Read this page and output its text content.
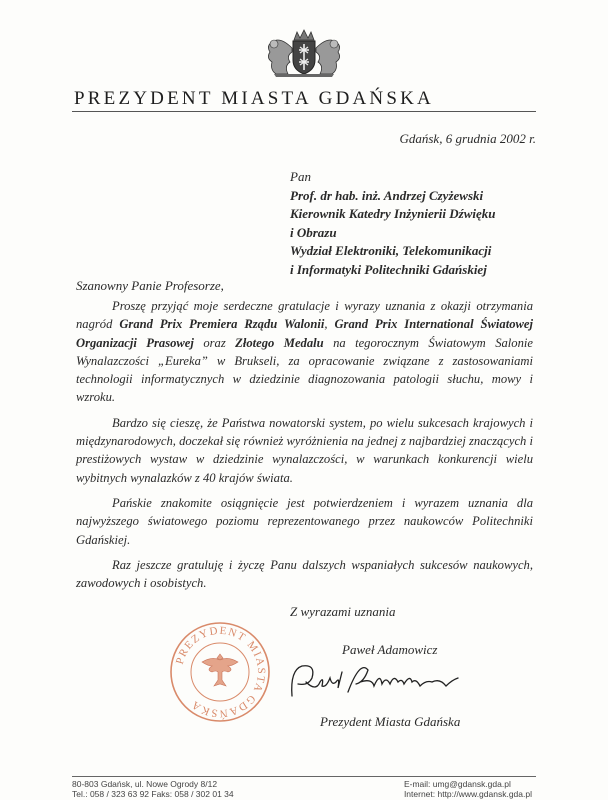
PREZYDENT MIASTA GDAŃSKA
Gdańsk, 6 grudnia 2002 r.
Pan
Prof. dr hab. inż. Andrzej Czyżewski
Kierownik Katedry Inżynierii Dźwięku
i Obrazu
Wydział Elektroniki, Telekomunikacji
i Informatyki Politechniki Gdańskiej
Szanowny Panie Profesorze,

Proszę przyjąć moje serdeczne gratulacje i wyrazy uznania z okazji otrzymania nagród Grand Prix Premiera Rządu Walonii, Grand Prix International Światowej Organizacji Prasowej oraz Złotego Medalu na tegorocznym Światowym Salonie Wynalazczości „Eureka” w Brukseli, za opracowanie związane z zastosowaniami technologii informatycznych w dziedzinie diagnozowania patologii słuchu, mowy i wzroku.

Bardzo się cieszę, że Państwa nowatorski system, po wielu sukcesach krajowych i międzynarodowych, doczekał się również wyróżnienia na jednej z najbardziej znaczących i prestiżowych wystaw w dziedzinie wynalazczości, w warunkach konkurencji wielu wybitnych wynalazków z 40 krajów świata.

Pańskie znakomite osiągnięcie jest potwierdzeniem i wyrazem uznania dla najwyższego światowego poziomu reprezentowanego przez naukowców Politechniki Gdańskiej.

Raz jeszcze gratuluję i życzę Panu dalszych wspaniałych sukcesów naukowych, zawodowych i osobistych.

Z wyrazami uznania
Paweł Adamowicz
PREZYDENT MIASTA GDAŃSKA
Prezydent Miasta Gdańska
80-803 Gdańsk, ul. Nowe Ogrody 8/12
Tel.: 058 / 323 63 92 Faks: 058 / 302 01 34
E-mail: umg@gdansk.gda.pl
Internet: http://www.gdansk.gda.pl
